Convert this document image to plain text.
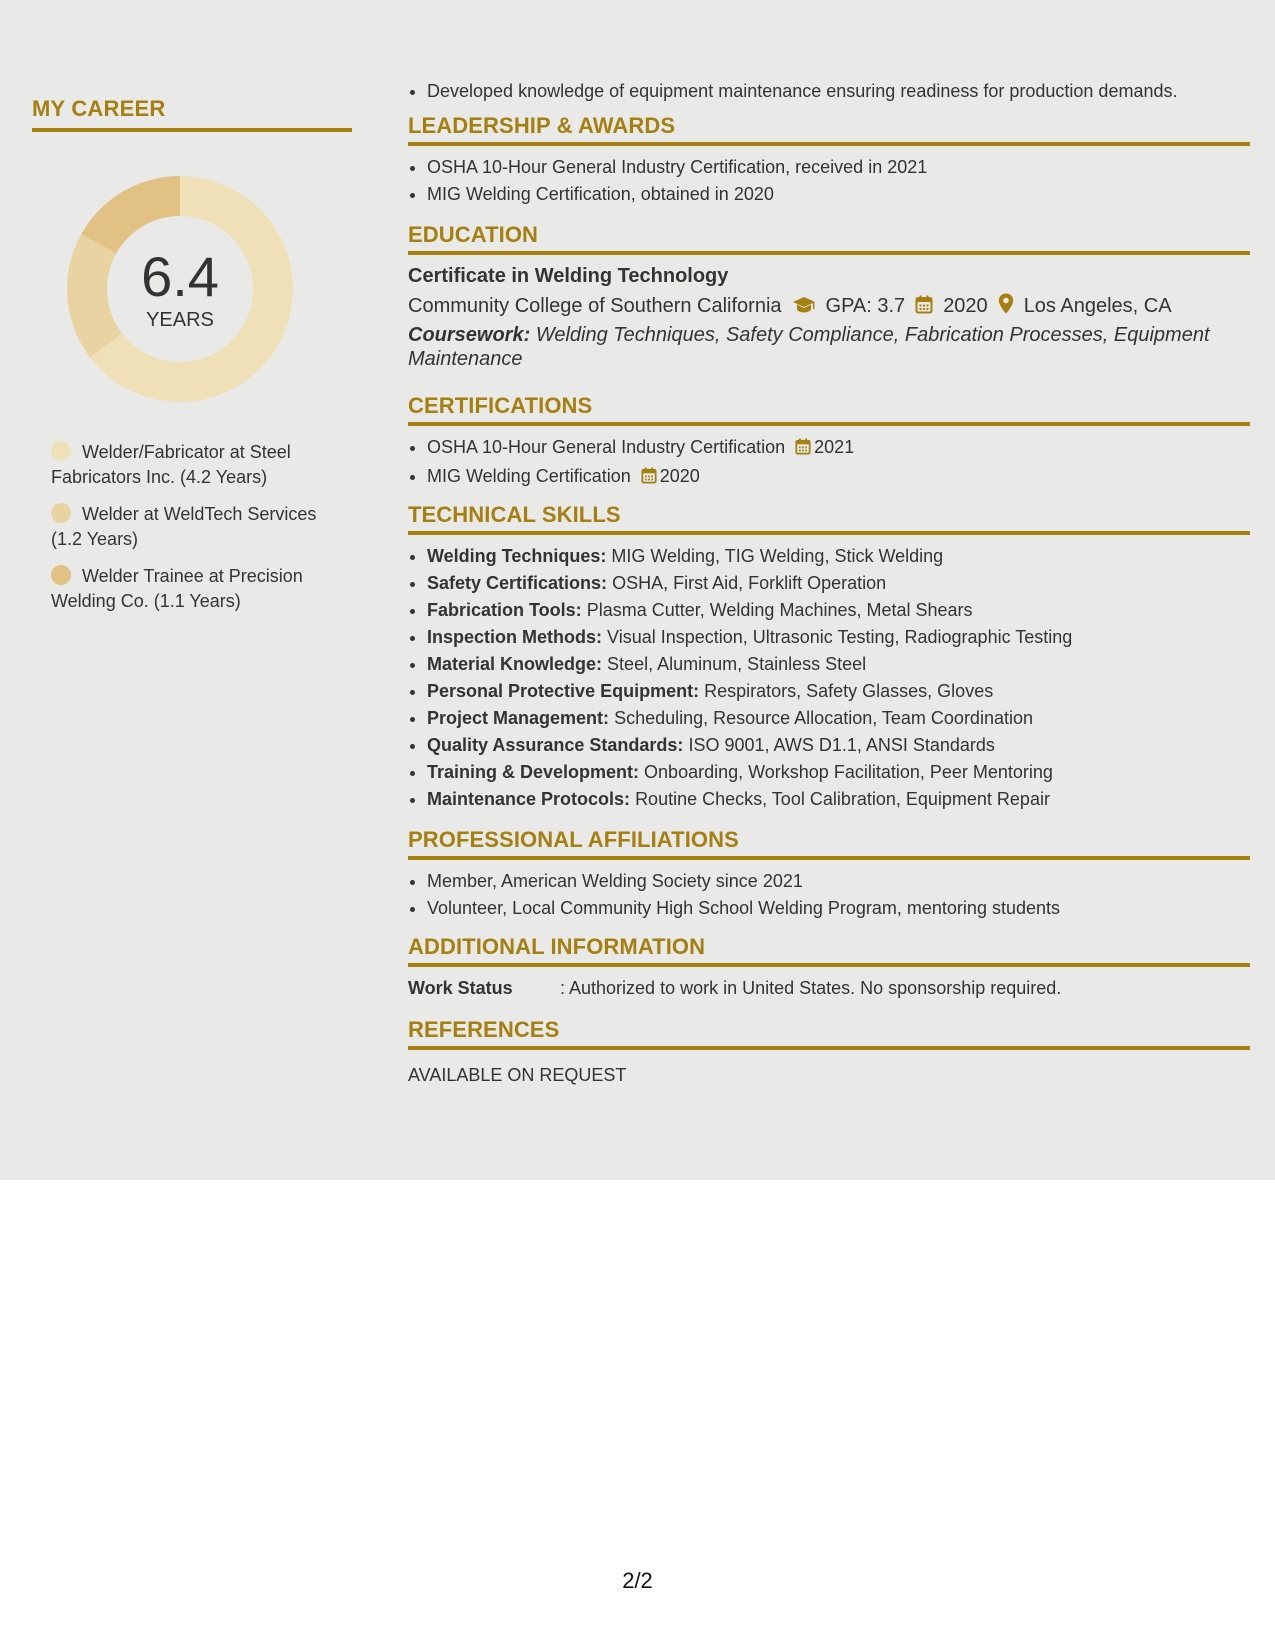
MY CAREER
6.4
YEARS
Welder/Fabricator at Steel Fabricators Inc. (4.2 Years)
Welder at WeldTech Services (1.2 Years)
Welder Trainee at Precision Welding Co. (1.1 Years)
• Developed knowledge of equipment maintenance ensuring readiness for production demands.
LEADERSHIP & AWARDS
• OSHA 10-Hour General Industry Certification, received in 2021
• MIG Welding Certification, obtained in 2020
EDUCATION
Certificate in Welding Technology
Community College of Southern California GPA: 3.7 2020 Los Angeles, CA
Coursework: Welding Techniques, Safety Compliance, Fabrication Processes, Equipment Maintenance
CERTIFICATIONS
• OSHA 10-Hour General Industry Certification 2021
• MIG Welding Certification 2020
TECHNICAL SKILLS
• Welding Techniques: MIG Welding, TIG Welding, Stick Welding
• Safety Certifications: OSHA, First Aid, Forklift Operation
• Fabrication Tools: Plasma Cutter, Welding Machines, Metal Shears
• Inspection Methods: Visual Inspection, Ultrasonic Testing, Radiographic Testing
• Material Knowledge: Steel, Aluminum, Stainless Steel
• Personal Protective Equipment: Respirators, Safety Glasses, Gloves
• Project Management: Scheduling, Resource Allocation, Team Coordination
• Quality Assurance Standards: ISO 9001, AWS D1.1, ANSI Standards
• Training & Development: Onboarding, Workshop Facilitation, Peer Mentoring
• Maintenance Protocols: Routine Checks, Tool Calibration, Equipment Repair
PROFESSIONAL AFFILIATIONS
• Member, American Welding Society since 2021
• Volunteer, Local Community High School Welding Program, mentoring students
ADDITIONAL INFORMATION
Work Status	: Authorized to work in United States. No sponsorship required.
REFERENCES
AVAILABLE ON REQUEST
2/2
